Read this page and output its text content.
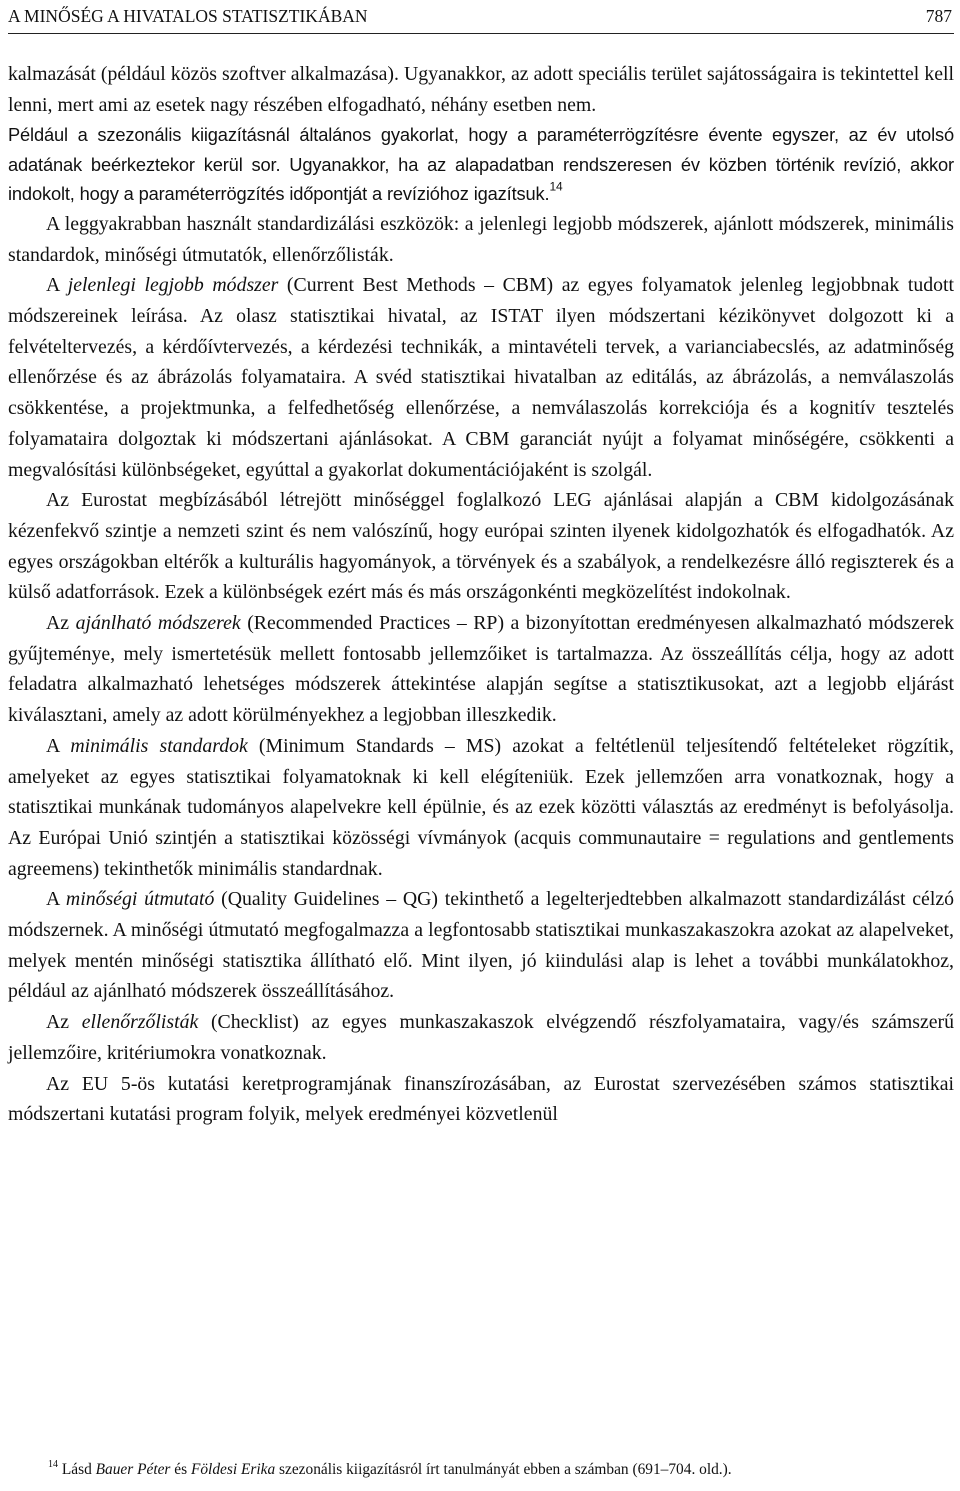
A MINŐSÉG A HIVATALOS STATISZTIKÁBAN	787

kalmazását (például közös szoftver alkalmazása). Ugyanakkor, az adott speciális terület sajátosságaira is tekintettel kell lenni, mert ami az esetek nagy részében elfogadható, néhány esetben nem.

Például a szezonális kiigazításnál általános gyakorlat, hogy a paraméterrögzítésre évente egyszer, az év utolsó adatának beérkeztekor kerül sor. Ugyanakkor, ha az alapadatban rendszeresen év közben történik revízió, akkor indokolt, hogy a paraméterrögzítés időpontját a revízióhoz igazítsuk.$^{14}$

A leggyakrabban használt standardizálási eszközök: a jelenlegi legjobb módszerek, ajánlott módszerek, minimális standardok, minőségi útmutatók, ellenőrzőlisták.

A jelenlegi legjobb módszer (Current Best Methods – CBM) az egyes folyamatok jelenleg legjobbnak tudott módszereinek leírása. Az olasz statisztikai hivatal, az ISTAT ilyen módszertani kézikönyvet dolgozott ki a felvételtervezés, a kérdőívtervezés, a kérdezési technikák, a mintavételi tervek, a varianciabecslés, az adatminőség ellenőrzése és az ábrázolás folyamataira. A svéd statisztikai hivatalban az editálás, az ábrázolás, a nemválaszolás csökkentése, a projektmunka, a felfedhetőség ellenőrzése, a nemválaszolás korrekciója és a kognitív tesztelés folyamataira dolgoztak ki módszertani ajánlásokat. A CBM garanciát nyújt a folyamat minőségére, csökkenti a megvalósítási különbségeket, egyúttal a gyakorlat dokumentációjaként is szolgál.

Az Eurostat megbízásából létrejött minőséggel foglalkozó LEG ajánlásai alapján a CBM kidolgozásának kézenfekvő szintje a nemzeti szint és nem valószínű, hogy európai szinten ilyenek kidolgozhatók és elfogadhatók. Az egyes országokban eltérők a kulturális hagyományok, a törvények és a szabályok, a rendelkezésre álló regiszterek és a külső adatforrások. Ezek a különbségek ezért más és más országonkénti megközelítést indokolnak.

Az ajánlható módszerek (Recommended Practices – RP) a bizonyítottan eredményesen alkalmazható módszerek gyűjteménye, mely ismertetésük mellett fontosabb jellemzőiket is tartalmazza. Az összeállítás célja, hogy az adott feladatra alkalmazható lehetséges módszerek áttekintése alapján segítse a statisztikusokat, azt a legjobb eljárást kiválasztani, amely az adott körülményekhez a legjobban illeszkedik.

A minimális standardok (Minimum Standards – MS) azokat a feltétlenül teljesítendő feltételeket rögzítik, amelyeket az egyes statisztikai folyamatoknak ki kell elégíteniük. Ezek jellemzően arra vonatkoznak, hogy a statisztikai munkának tudományos alapelvekre kell épülnie, és az ezek közötti választás az eredményt is befolyásolja. Az Európai Unió szintjén a statisztikai közösségi vívmányok (acquis communautaire = regulations and gentlements agreemens) tekinthetők minimális standardnak.

A minőségi útmutató (Quality Guidelines – QG) tekinthető a legelterjedtebben alkalmazott standardizálást célzó módszernek. A minőségi útmutató megfogalmazza a legfontosabb statisztikai munkaszakaszokra azokat az alapelveket, melyek mentén minőségi statisztika állítható elő. Mint ilyen, jó kiindulási alap is lehet a további munkálatokhoz, például az ajánlható módszerek összeállításához.

Az ellenőrzőlisták (Checklist) az egyes munkaszakaszok elvégzendő részfolyamataira, vagy/és számszerű jellemzőire, kritériumokra vonatkoznak.

Az EU 5-ös kutatási keretprogramjának finanszírozásában, az Eurostat szervezésében számos statisztikai módszertani kutatási program folyik, melyek eredményei közvetlenül

$^{14}$ Lásd Bauer Péter és Földesi Erika szezonális kiigazításról írt tanulmányát ebben a számban (691–704. old.).
